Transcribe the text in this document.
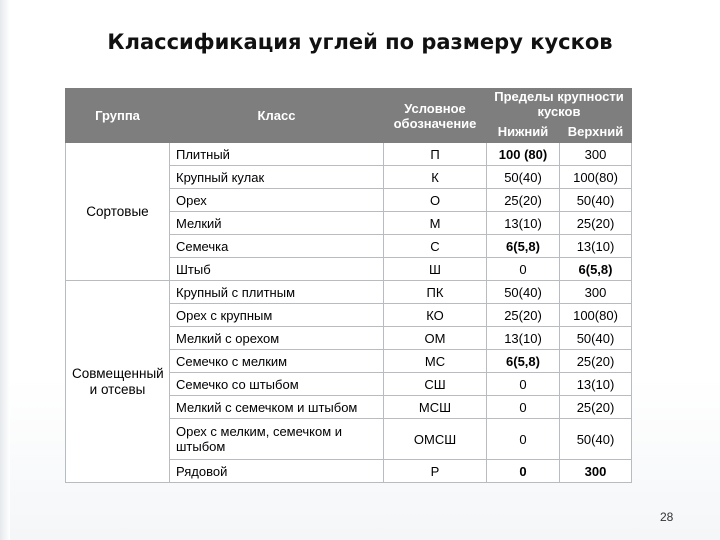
Классификация углей по размеру кусков
Группа	Класс	Условное обозначение	Пределы крупности кусков	
			Нижний	Верхний
Сортовые	Плитный	П	100 (80)	300
	Крупный кулак	К	50(40)	100(80)
	Орех	О	25(20)	50(40)
	Мелкий	М	13(10)	25(20)
	Семечка	С	6(5,8)	13(10)
	Штыб	Ш	0	6(5,8)
Совмещенный и отсевы	Крупный с плитным	ПК	50(40)	300
	Орех с крупным	КО	25(20)	100(80)
	Мелкий с орехом	ОМ	13(10)	50(40)
	Семечко с мелким	МС	6(5,8)	25(20)
	Семечко со штыбом	СШ	0	13(10)
	Мелкий с семечком и штыбом	МСШ	0	25(20)
	Орех с мелким, семечком и штыбом	ОМСШ	0	50(40)
	Рядовой	Р	0	300
28
